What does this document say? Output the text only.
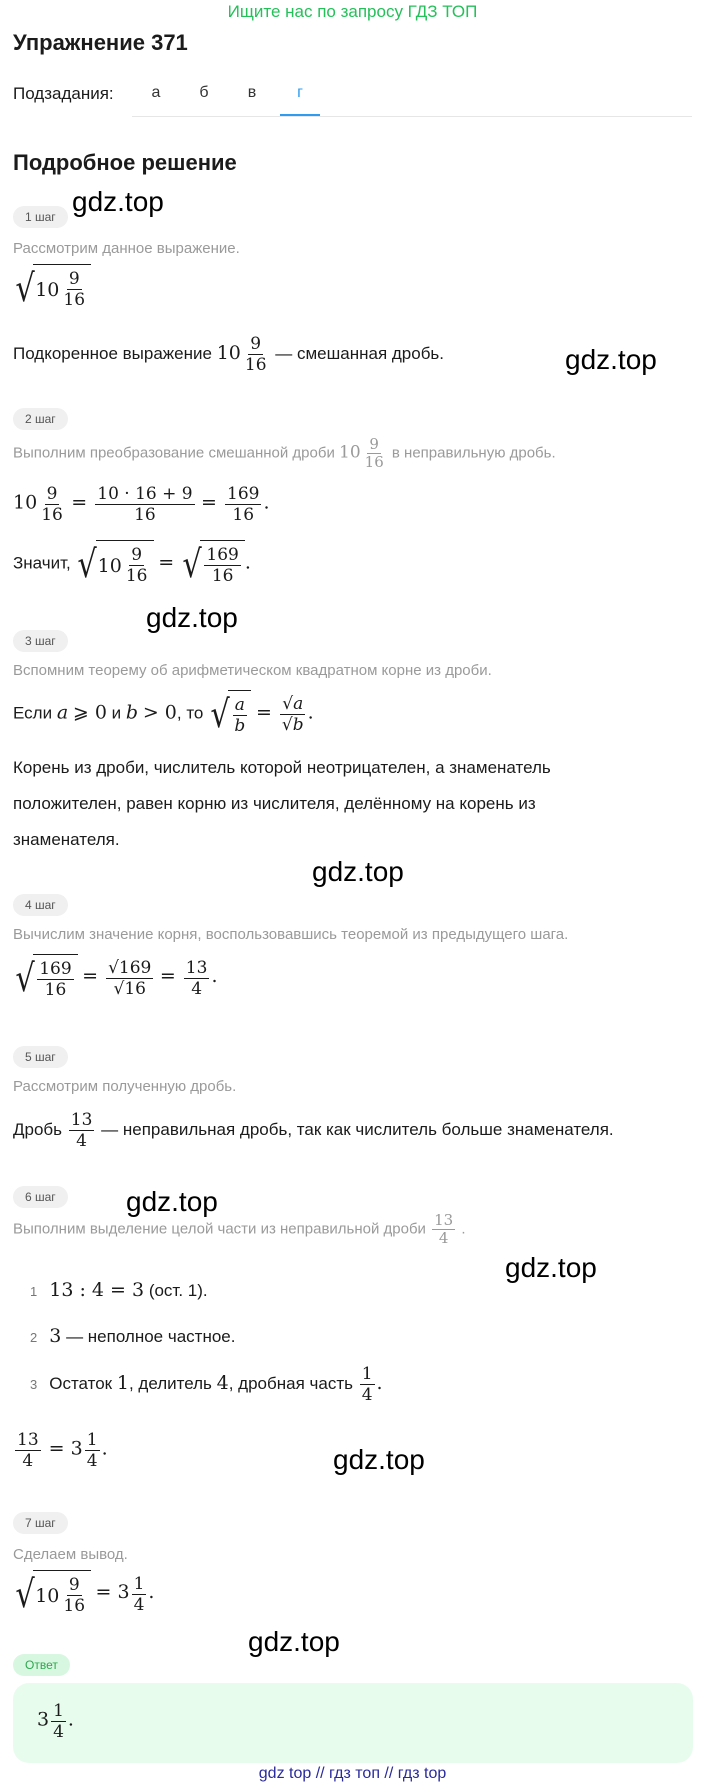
Ищите нас по запросу ГДЗ ТОП
Упражнение 371
Подзадания:	а	б	в	г
Подробное решение
1 шаг gdz.top
Рассмотрим данное выражение.
√ $10 \frac{9}{16}$
Подкоренное выражение $10 \frac{9}{16}$ — смешанная дробь.	gdz.top
2 шаг
Выполним преобразование смешанной дроби $10 \frac{9}{16}$ в неправильную дробь.
$10 \frac{9}{16} = \frac{10 \cdot 16 + 9}{16} = \frac{169}{16}$ .
Значит, √ $10 \frac{9}{16}$ = √ $\frac{169}{16}$ .
gdz.top
3 шаг
Вспомним теорему об арифметическом квадратном корне из дроби.
Если a ⩾ 0 и b > 0, то √ $\frac{a}{b} = \frac{√a}{√b}$ .
Корень из дроби, числитель которой неотрицателен, а знаменатель
положителен, равен корню из числителя, делённому на корень из
знаменателя.
gdz.top
4 шаг
Вычислим значение корня, воспользовавшись теоремой из предыдущего шага.
√ $\frac{169}{16} = \frac{√169}{√16} = \frac{13}{4}$ .
5 шаг
Рассмотрим полученную дробь.
Дробь $\frac{13}{4}$ — неправильная дробь, так как числитель больше знаменателя.
6 шаг	gdz.top
Выполним выделение целой части из неправильной дроби $\frac{13}{4}$ .
gdz.top
1 13 : 4 = 3 (ост. 1).
2 3 — неполное частное.
3 Остаток 1, делитель 4, дробная часть $\frac{1}{4}$ .
$\frac{13}{4} = 3 \frac{1}{4}$ .	gdz.top
7 шаг
Сделаем вывод.
√ $10 \frac{9}{16} = 3 \frac{1}{4}$ .
gdz.top
Ответ
$3 \frac{1}{4}$ .
gdz top // гдз топ // гдз top
